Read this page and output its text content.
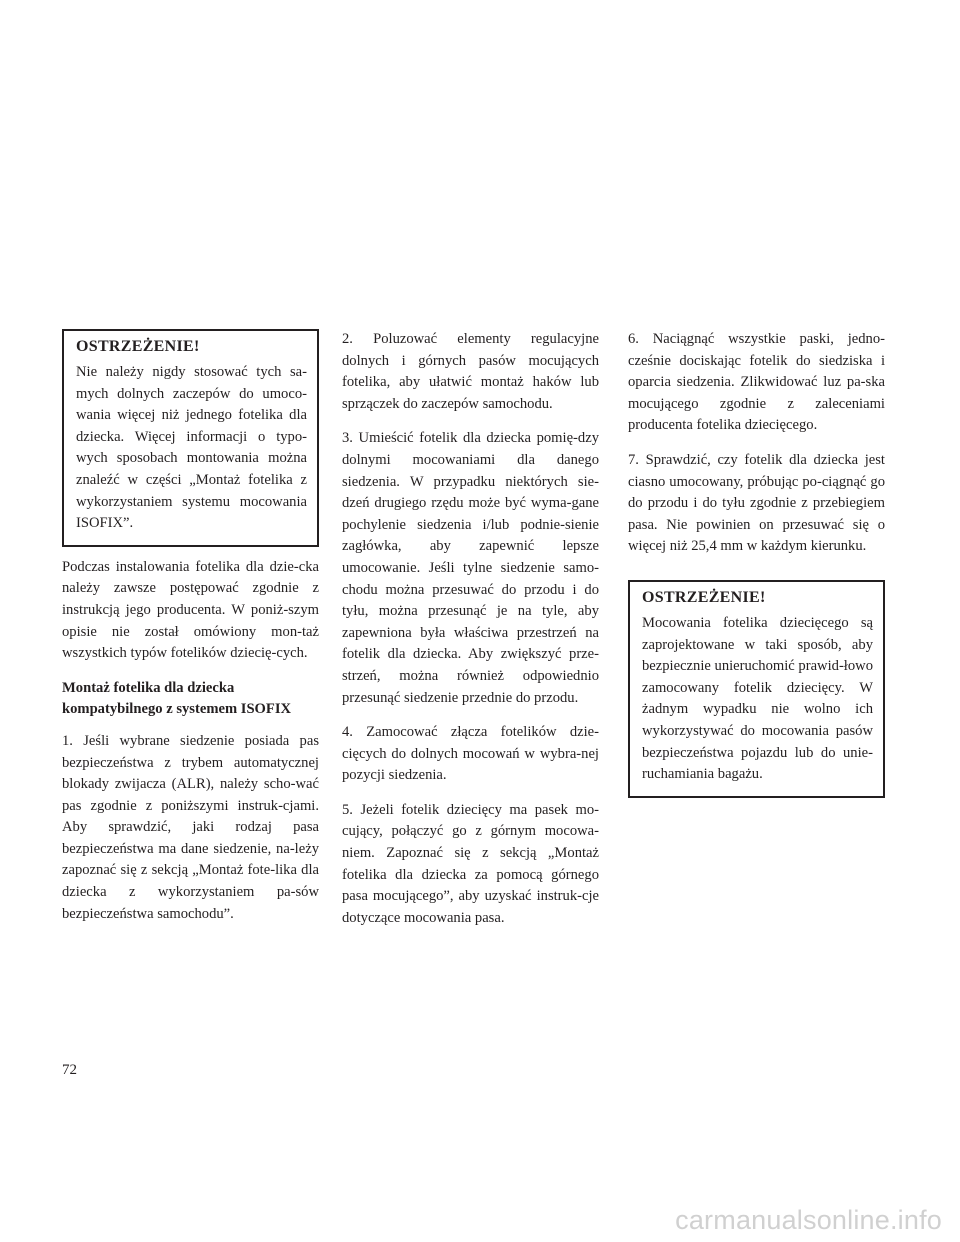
OSTRZEŻENIE!

Nie należy nigdy stosować tych sa-mych dolnych zaczepów do umoco-wania więcej niż jednego fotelika dla dziecka. Więcej informacji o typo-wych sposobach montowania można znaleźć w części „Montaż fotelika z wykorzystaniem systemu mocowania ISOFIX”.

Podczas instalowania fotelika dla dzie-cka należy zawsze postępować zgodnie z instrukcją jego producenta. W poniż-szym opisie nie został omówiony mon-taż wszystkich typów fotelików dziecię-cych.

Montaż fotelika dla dziecka kompatybilnego z systemem ISOFIX

1. Jeśli wybrane siedzenie posiada pas bezpieczeństwa z trybem automatycznej blokady zwijacza (ALR), należy scho-wać pas zgodnie z poniższymi instruk-cjami. Aby sprawdzić, jaki rodzaj pasa bezpieczeństwa ma dane siedzenie, na-leży zapoznać się z sekcją „Montaż fote-lika dla dziecka z wykorzystaniem pa-sów bezpieczeństwa samochodu”.

2. Poluzować elementy regulacyjne dolnych i górnych pasów mocujących fotelika, aby ułatwić montaż haków lub sprzączek do zaczepów samochodu.

3. Umieścić fotelik dla dziecka pomię-dzy dolnymi mocowaniami dla danego siedzenia. W przypadku niektórych sie-dzeń drugiego rzędu może być wyma-gane pochylenie siedzenia i/lub podnie-sienie zagłówka, aby zapewnić lepsze umocowanie. Jeśli tylne siedzenie samo-chodu można przesuwać do przodu i do tyłu, można przesunąć je na tyle, aby zapewniona była właściwa przestrzeń na fotelik dla dziecka. Aby zwiększyć prze-strzeń, można również odpowiednio przesunąć siedzenie przednie do przodu.

4. Zamocować złącza fotelików dzie-cięcych do dolnych mocowań w wybra-nej pozycji siedzenia.

5. Jeżeli fotelik dziecięcy ma pasek mo-cujący, połączyć go z górnym mocowa-niem. Zapoznać się z sekcją „Montaż fotelika dla dziecka za pomocą górnego pasa mocującego”, aby uzyskać instruk-cje dotyczące mocowania pasa.

6. Naciągnąć wszystkie paski, jedno-cześnie dociskając fotelik do siedziska i oparcia siedzenia. Zlikwidować luz pa-ska mocującego zgodnie z zaleceniami producenta fotelika dziecięcego.

7. Sprawdzić, czy fotelik dla dziecka jest ciasno umocowany, próbując po-ciągnąć go do przodu i do tyłu zgodnie z przebiegiem pasa. Nie powinien on przesuwać się o więcej niż 25,4 mm w każdym kierunku.

OSTRZEŻENIE!

Mocowania fotelika dziecięcego są zaprojektowane w taki sposób, aby bezpiecznie unieruchomić prawid-łowo zamocowany fotelik dziecięcy. W żadnym wypadku nie wolno ich wykorzystywać do mocowania pasów bezpieczeństwa pojazdu lub do unie-ruchamiania bagażu.

72
carmanualsonline.info
